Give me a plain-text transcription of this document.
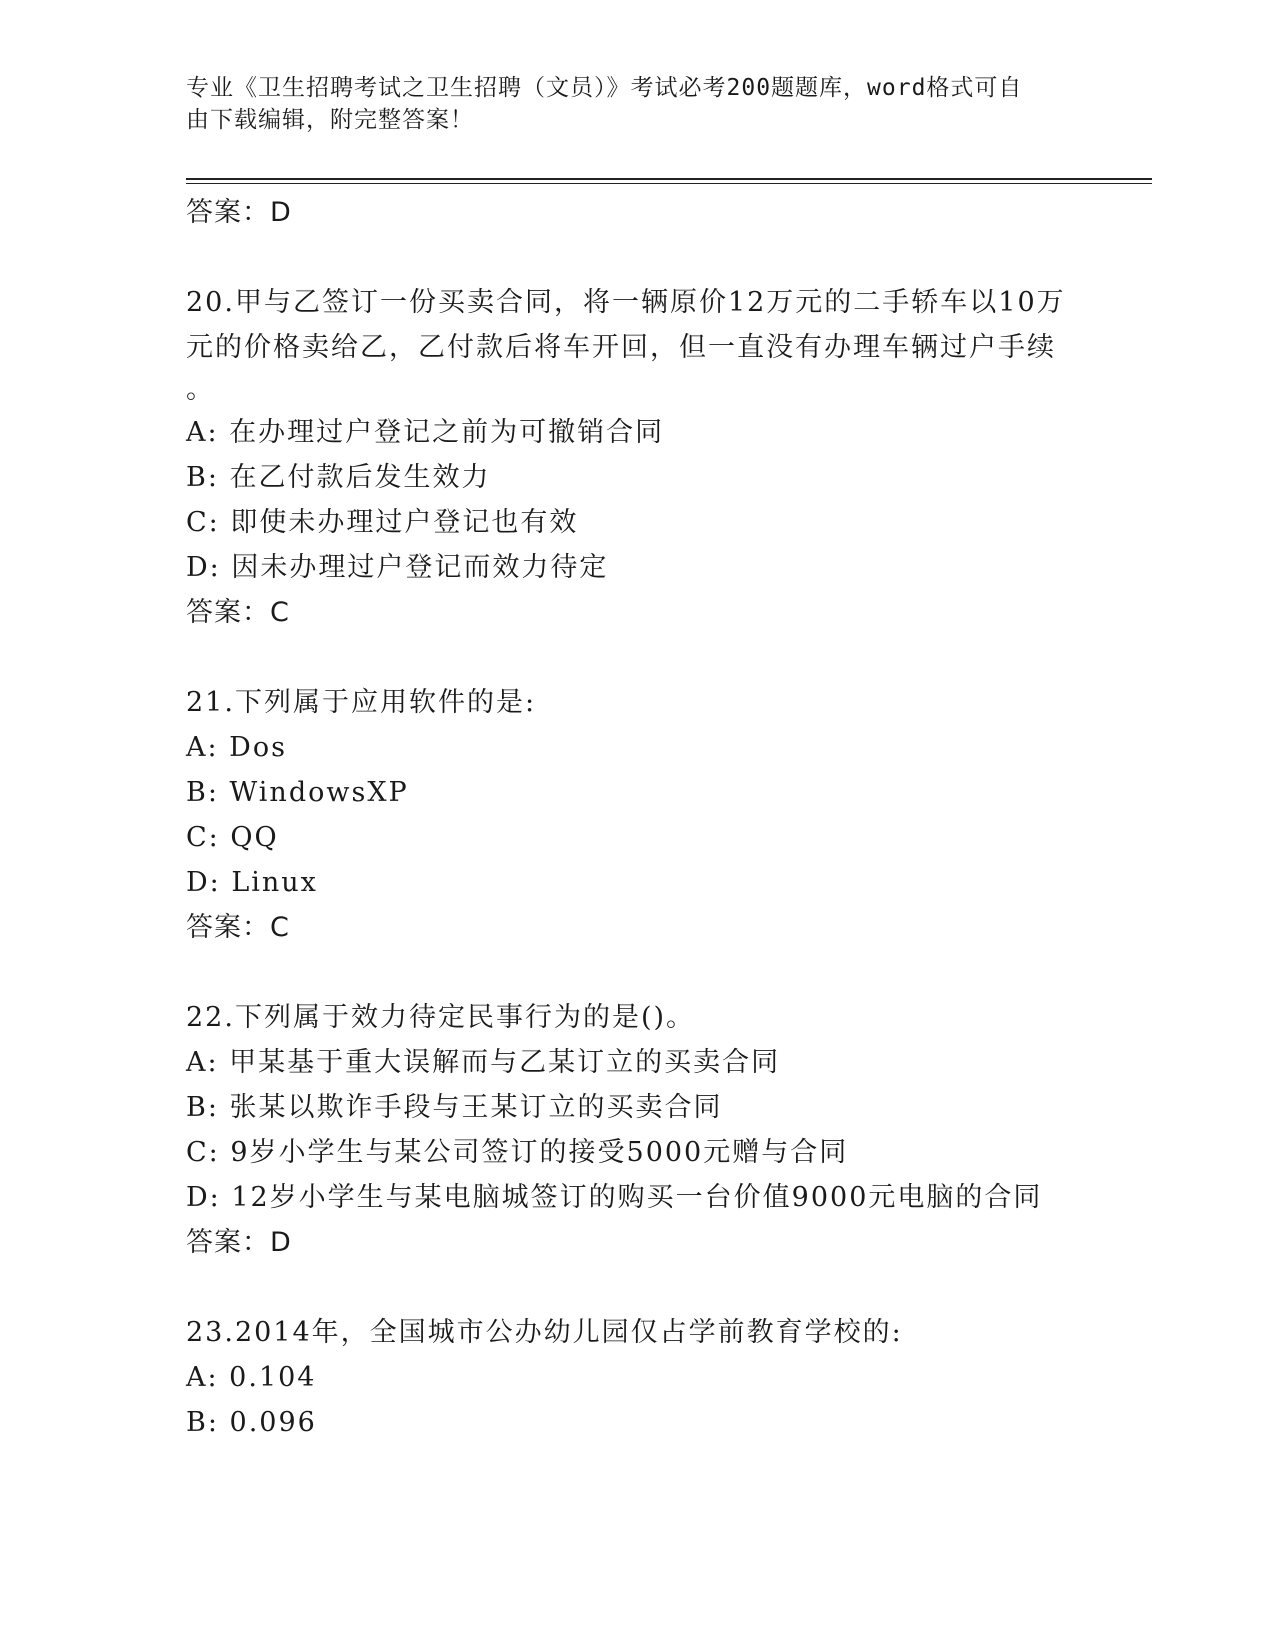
专业《卫生招聘考试之卫生招聘（文员）》考试必考200题题库，word格式可自
由下载编辑，附完整答案！
答案：D
20.甲与乙签订一份买卖合同，将一辆原价12万元的二手轿车以10万
元的价格卖给乙，乙付款后将车开回，但一直没有办理车辆过户手续
。
A: 在办理过户登记之前为可撤销合同
B: 在乙付款后发生效力
C: 即使未办理过户登记也有效
D: 因未办理过户登记而效力待定
答案：C
21.下列属于应用软件的是:
A: Dos
B: WindowsXP
C: QQ
D: Linux
答案：C
22.下列属于效力待定民事行为的是()。
A: 甲某基于重大误解而与乙某订立的买卖合同
B: 张某以欺诈手段与王某订立的买卖合同
C: 9岁小学生与某公司签订的接受5000元赠与合同
D: 12岁小学生与某电脑城签订的购买一台价值9000元电脑的合同
答案：D
23.2014年，全国城市公办幼儿园仅占学前教育学校的:
A: 0.104
B: 0.096
